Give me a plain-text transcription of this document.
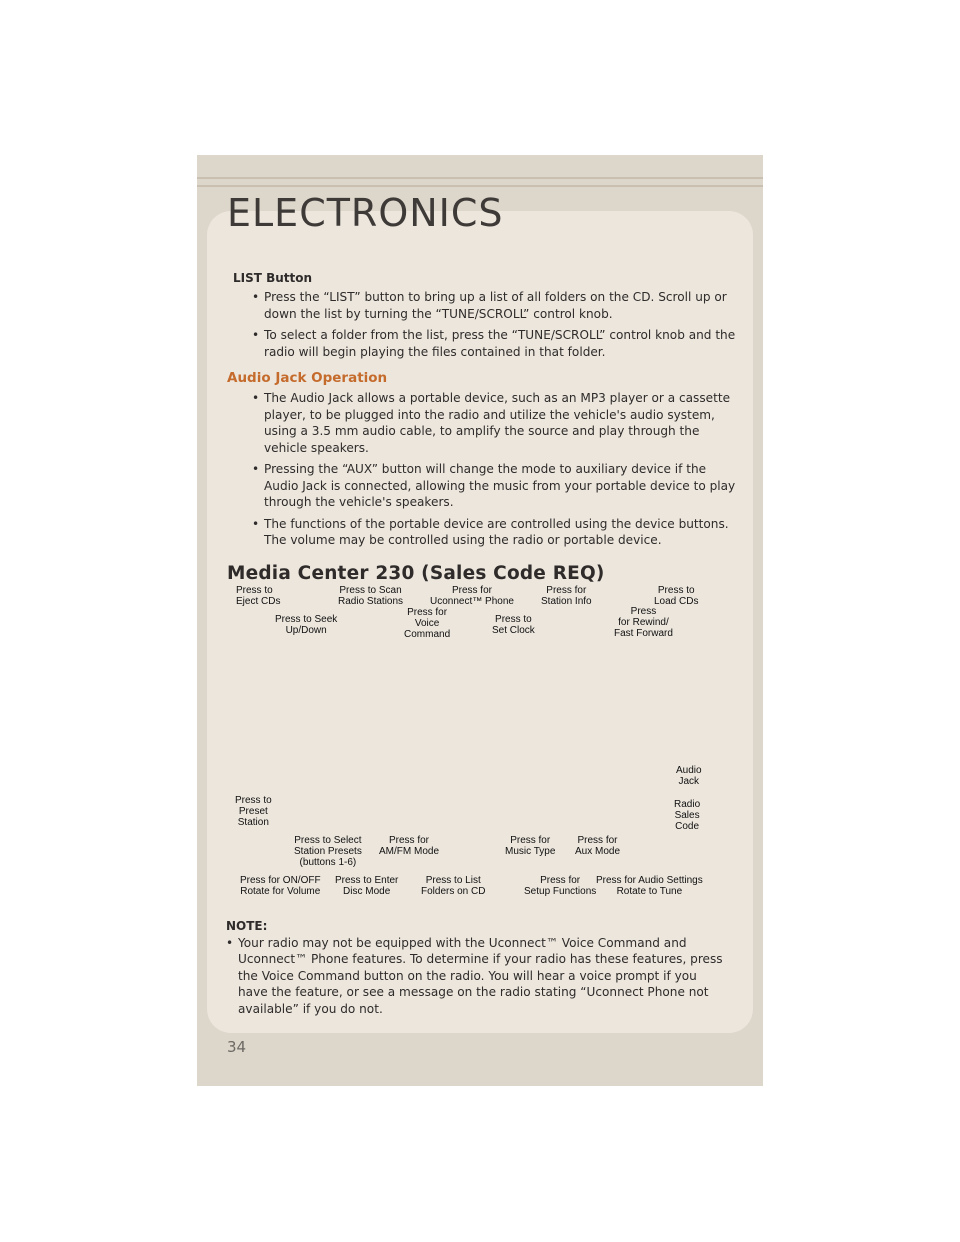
ELECTRONICS

LIST Button

• Press the “LIST” button to bring up a list of all folders on the CD. Scroll up or down the list by turning the “TUNE/SCROLL” control knob.
• To select a folder from the list, press the “TUNE/SCROLL” control knob and the radio will begin playing the files contained in that folder.

Audio Jack Operation

• The Audio Jack allows a portable device, such as an MP3 player or a cassette player, to be plugged into the radio and utilize the vehicle's audio system, using a 3.5 mm audio cable, to amplify the source and play through the vehicle speakers.
• Pressing the “AUX” button will change the mode to auxiliary device if the Audio Jack is connected, allowing the music from your portable device to play through the vehicle's speakers.
• The functions of the portable device are controlled using the device buttons. The volume may be controlled using the radio or portable device.

Media Center 230 (Sales Code REQ)

Press to
Eject CDs
Press to Scan
Radio Stations
Press for
Uconnect™ Phone
Press for
Station Info
Press to
Load CDs
Press to Seek
Up/Down
Press for
Voice
Command
Press to
Set Clock
Press
for Rewind/
Fast Forward
Audio
Jack
Press to
Preset
Station
Radio
Sales
Code
Press to Select
Station Presets
(buttons 1-6)
Press for
AM/FM Mode
Press for
Music Type
Press for
Aux Mode
Press for ON/OFF
Rotate for Volume
Press to Enter
Disc Mode
Press to List
Folders on CD
Press for
Setup Functions
Press for Audio Settings
Rotate to Tune

NOTE:

• Your radio may not be equipped with the Uconnect™ Voice Command and Uconnect™ Phone features. To determine if your radio has these features, press the Voice Command button on the radio. You will hear a voice prompt if you have the feature, or see a message on the radio stating “Uconnect Phone not available” if you do not.
34
